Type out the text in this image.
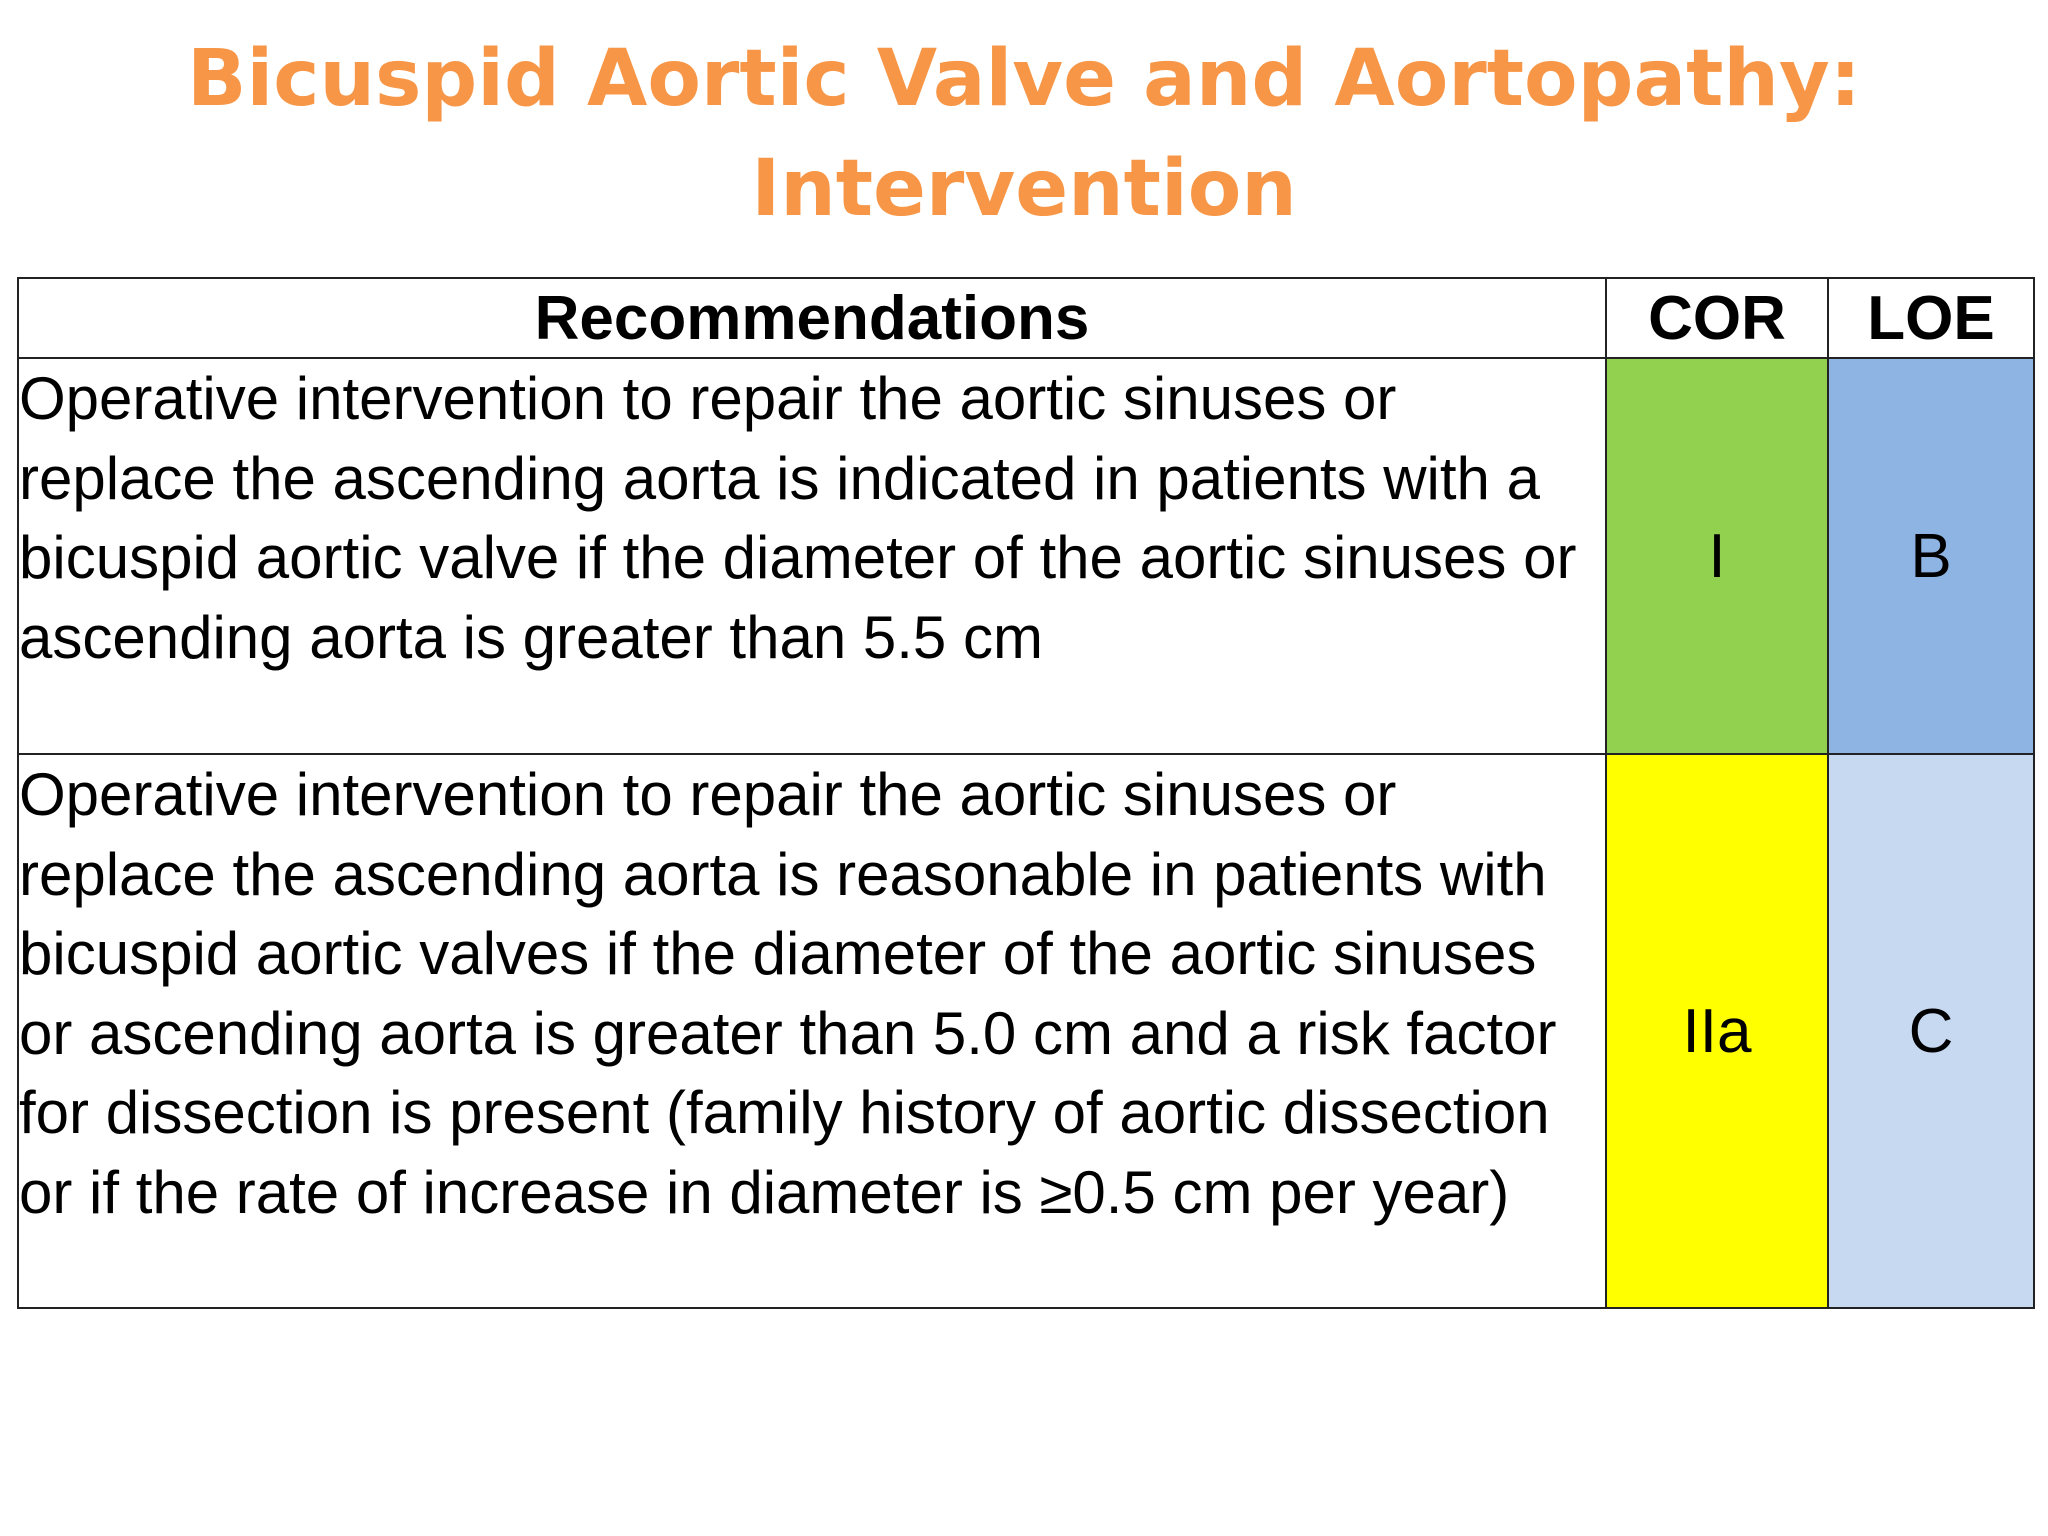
Bicuspid Aortic Valve and Aortopathy:
Intervention
Recommendations	COR	LOE
Operative intervention to repair the aortic sinuses or replace the ascending aorta is indicated in patients with a bicuspid aortic valve if the diameter of the aortic sinuses or ascending aorta is greater than 5.5 cm	I	B
Operative intervention to repair the aortic sinuses or replace the ascending aorta is reasonable in patients with bicuspid aortic valves if the diameter of the aortic sinuses or ascending aorta is greater than 5.0 cm and a risk factor for dissection is present (family history of aortic dissection or if the rate of increase in diameter is ≥0.5 cm per year)	IIa	C
